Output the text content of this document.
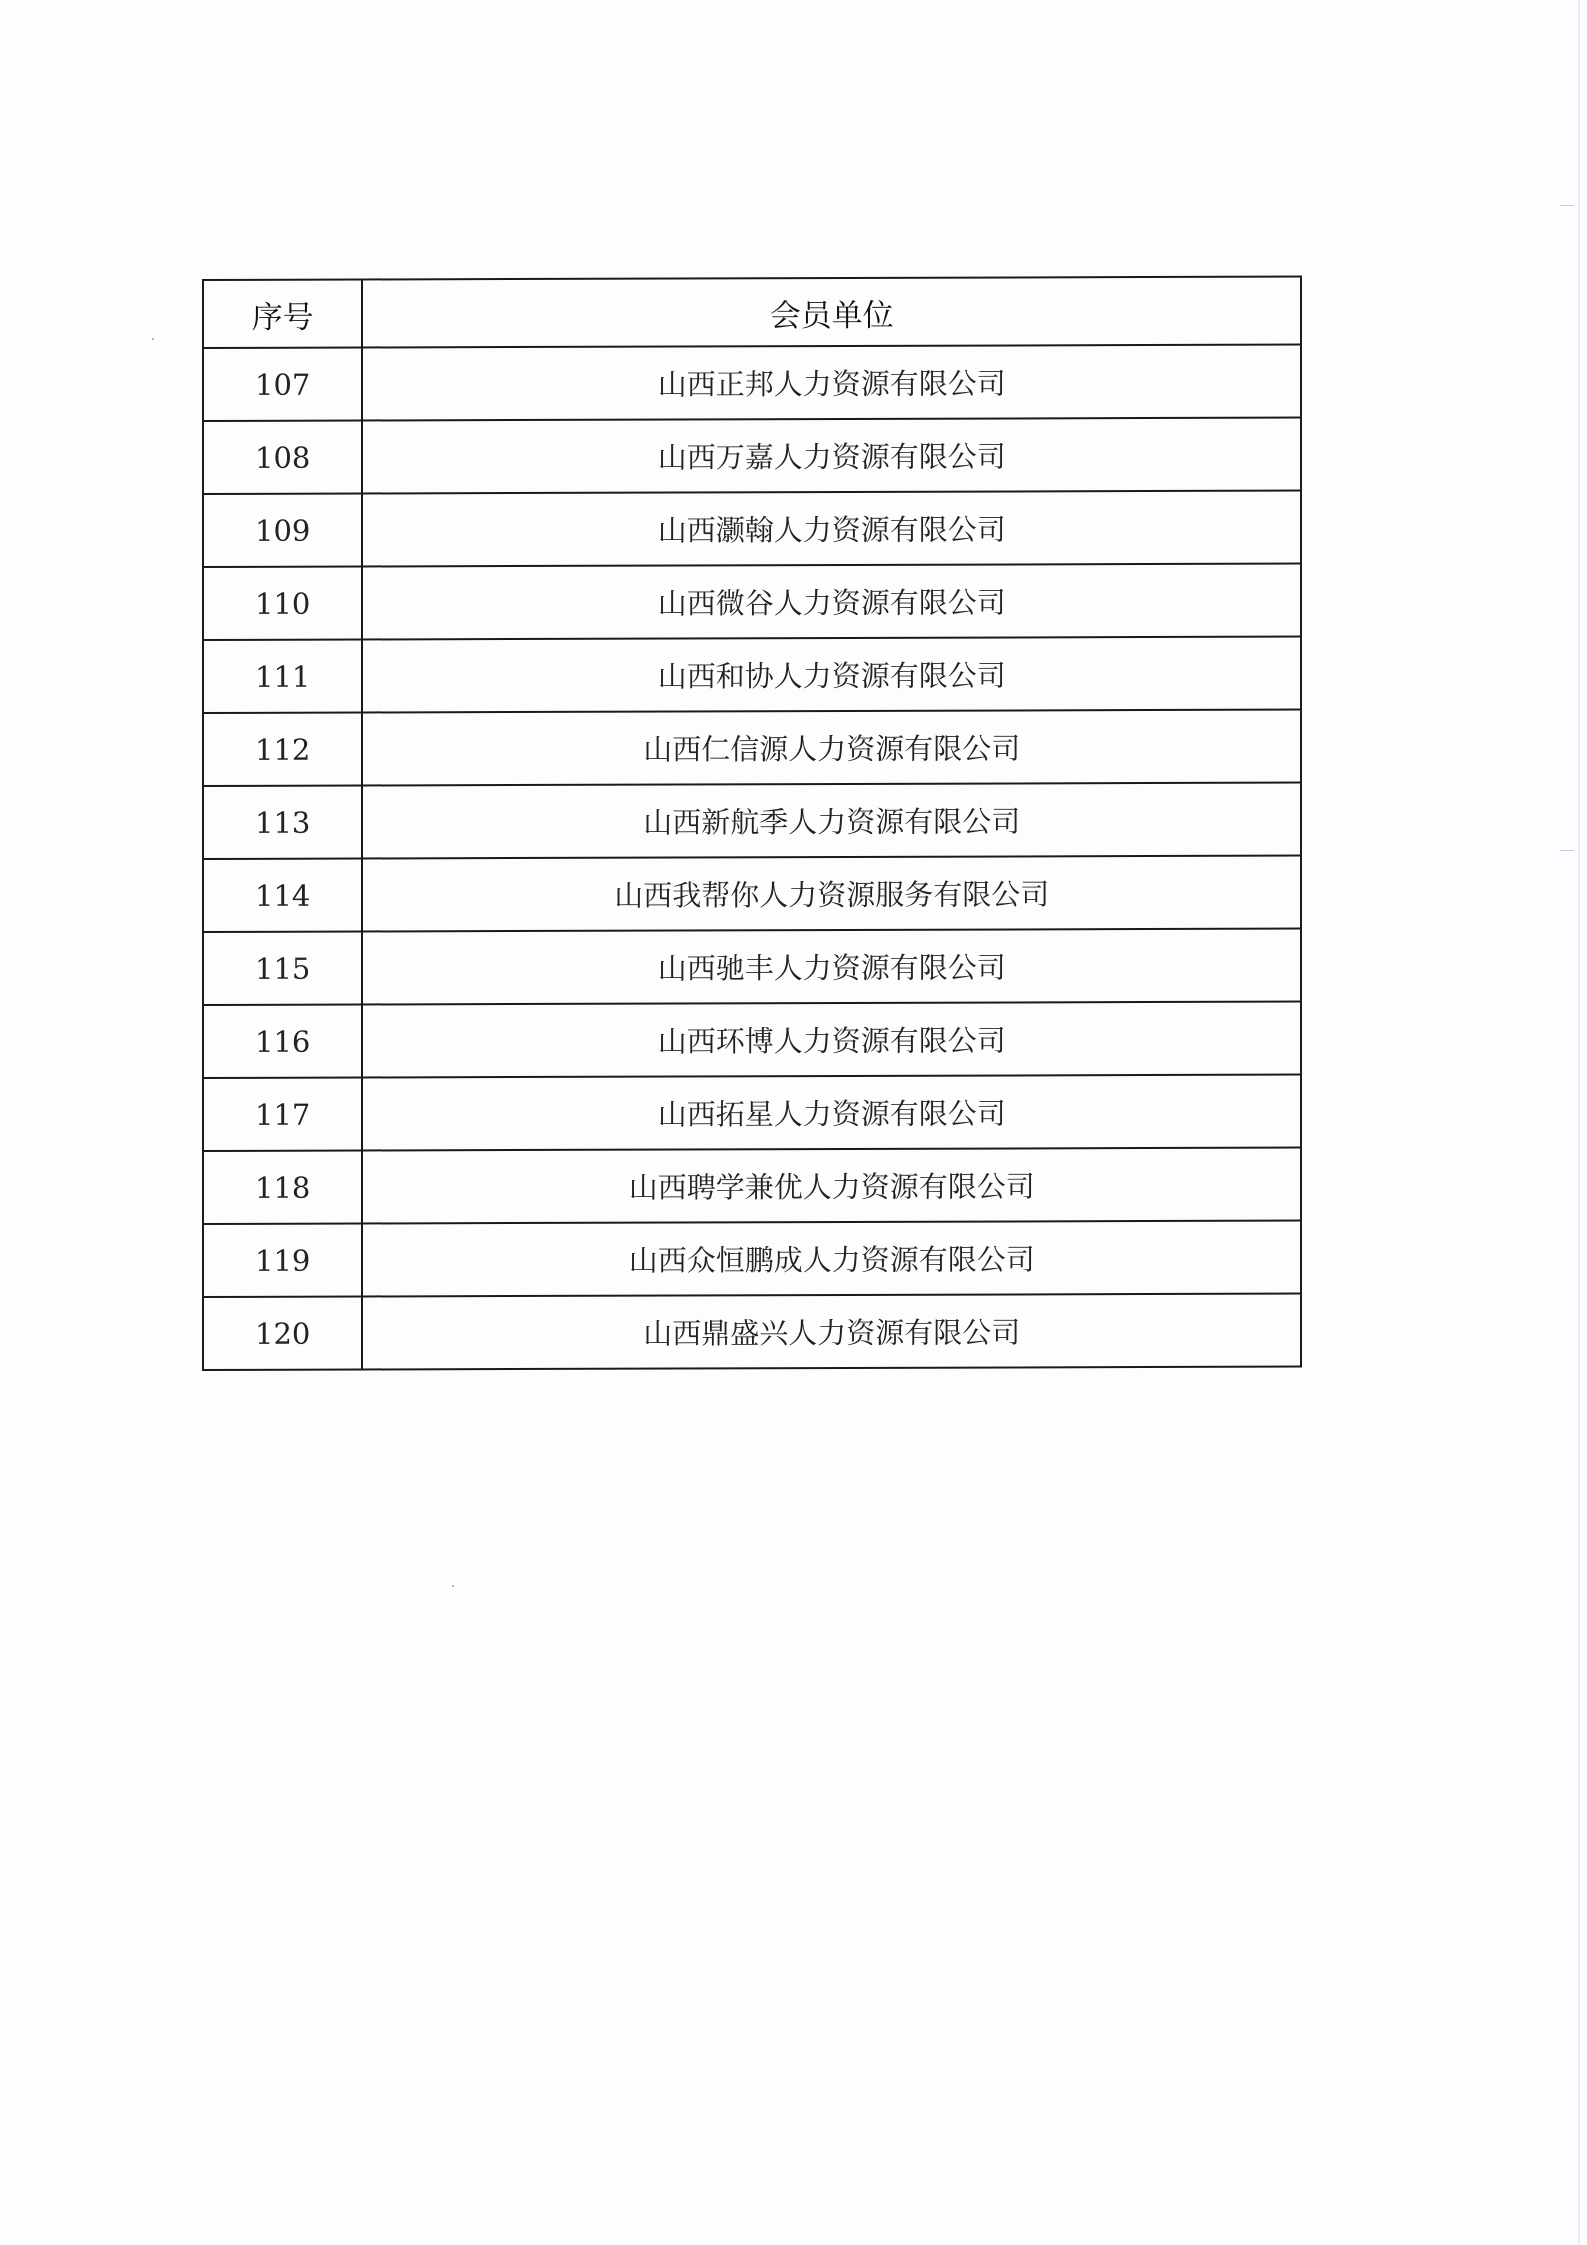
序号	会员单位
107	山西正邦人力资源有限公司
108	山西万嘉人力资源有限公司
109	山西灏翰人力资源有限公司
110	山西微谷人力资源有限公司
111	山西和协人力资源有限公司
112	山西仁信源人力资源有限公司
113	山西新航季人力资源有限公司
114	山西我帮你人力资源服务有限公司
115	山西驰丰人力资源有限公司
116	山西环博人力资源有限公司
117	山西拓星人力资源有限公司
118	山西聘学兼优人力资源有限公司
119	山西众恒鹏成人力资源有限公司
120	山西鼎盛兴人力资源有限公司
